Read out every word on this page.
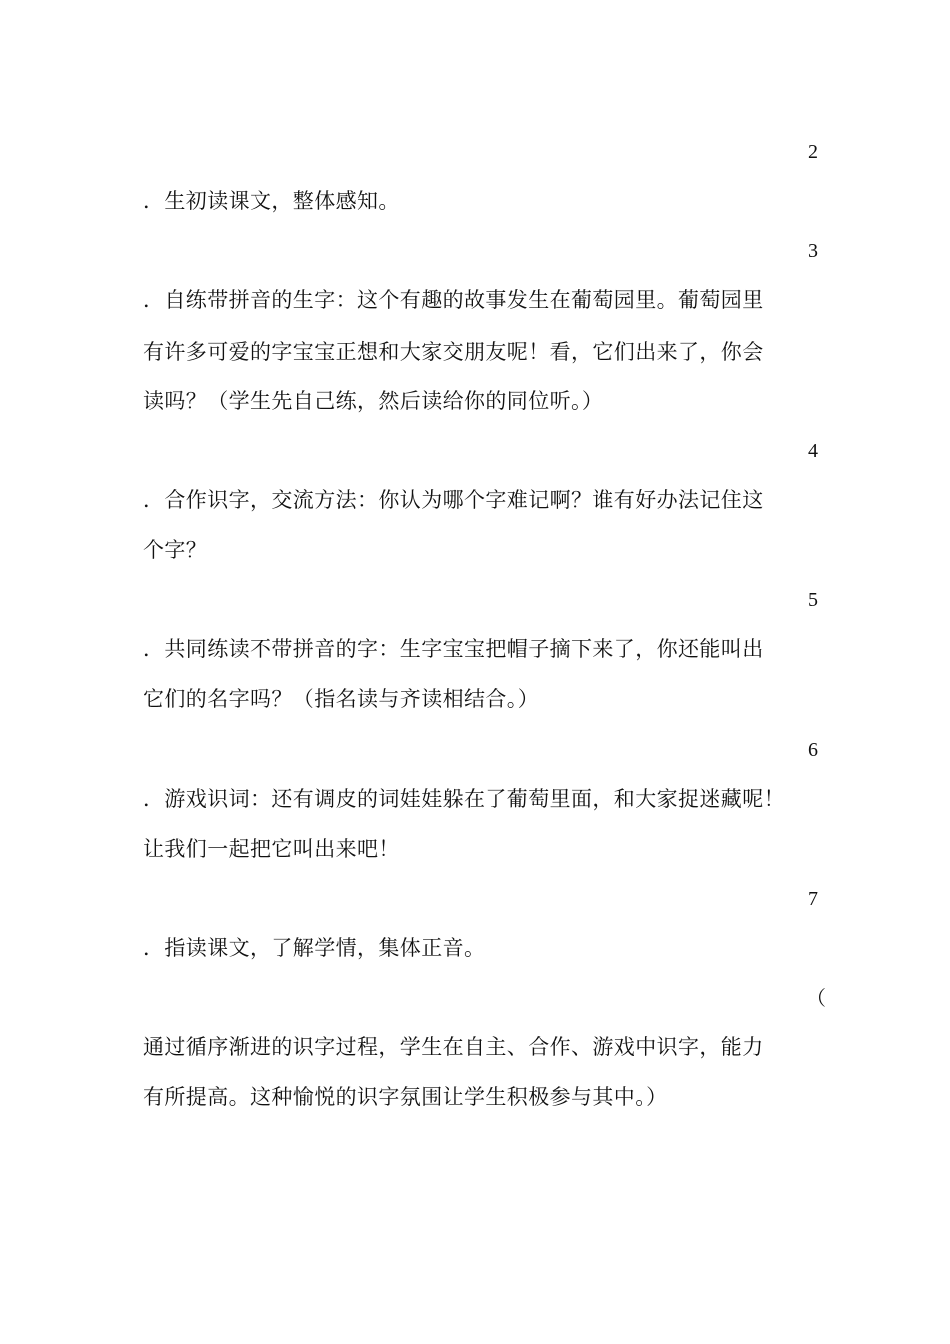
2
．生初读课文，整体感知。
3
．自练带拼音的生字：这个有趣的故事发生在葡萄园里。葡萄园里
有许多可爱的字宝宝正想和大家交朋友呢！看，它们出来了，你会
读吗？（学生先自己练，然后读给你的同位听。）
4
．合作识字，交流方法：你认为哪个字难记啊？谁有好办法记住这
个字？
5
．共同练读不带拼音的字：生字宝宝把帽子摘下来了，你还能叫出
它们的名字吗？（指名读与齐读相结合。）
6
．游戏识词：还有调皮的词娃娃躲在了葡萄里面，和大家捉迷藏呢！
让我们一起把它叫出来吧！
7
．指读课文，了解学情，集体正音。
（
通过循序渐进的识字过程，学生在自主、合作、游戏中识字，能力
有所提高。这种愉悦的识字氛围让学生积极参与其中。）
